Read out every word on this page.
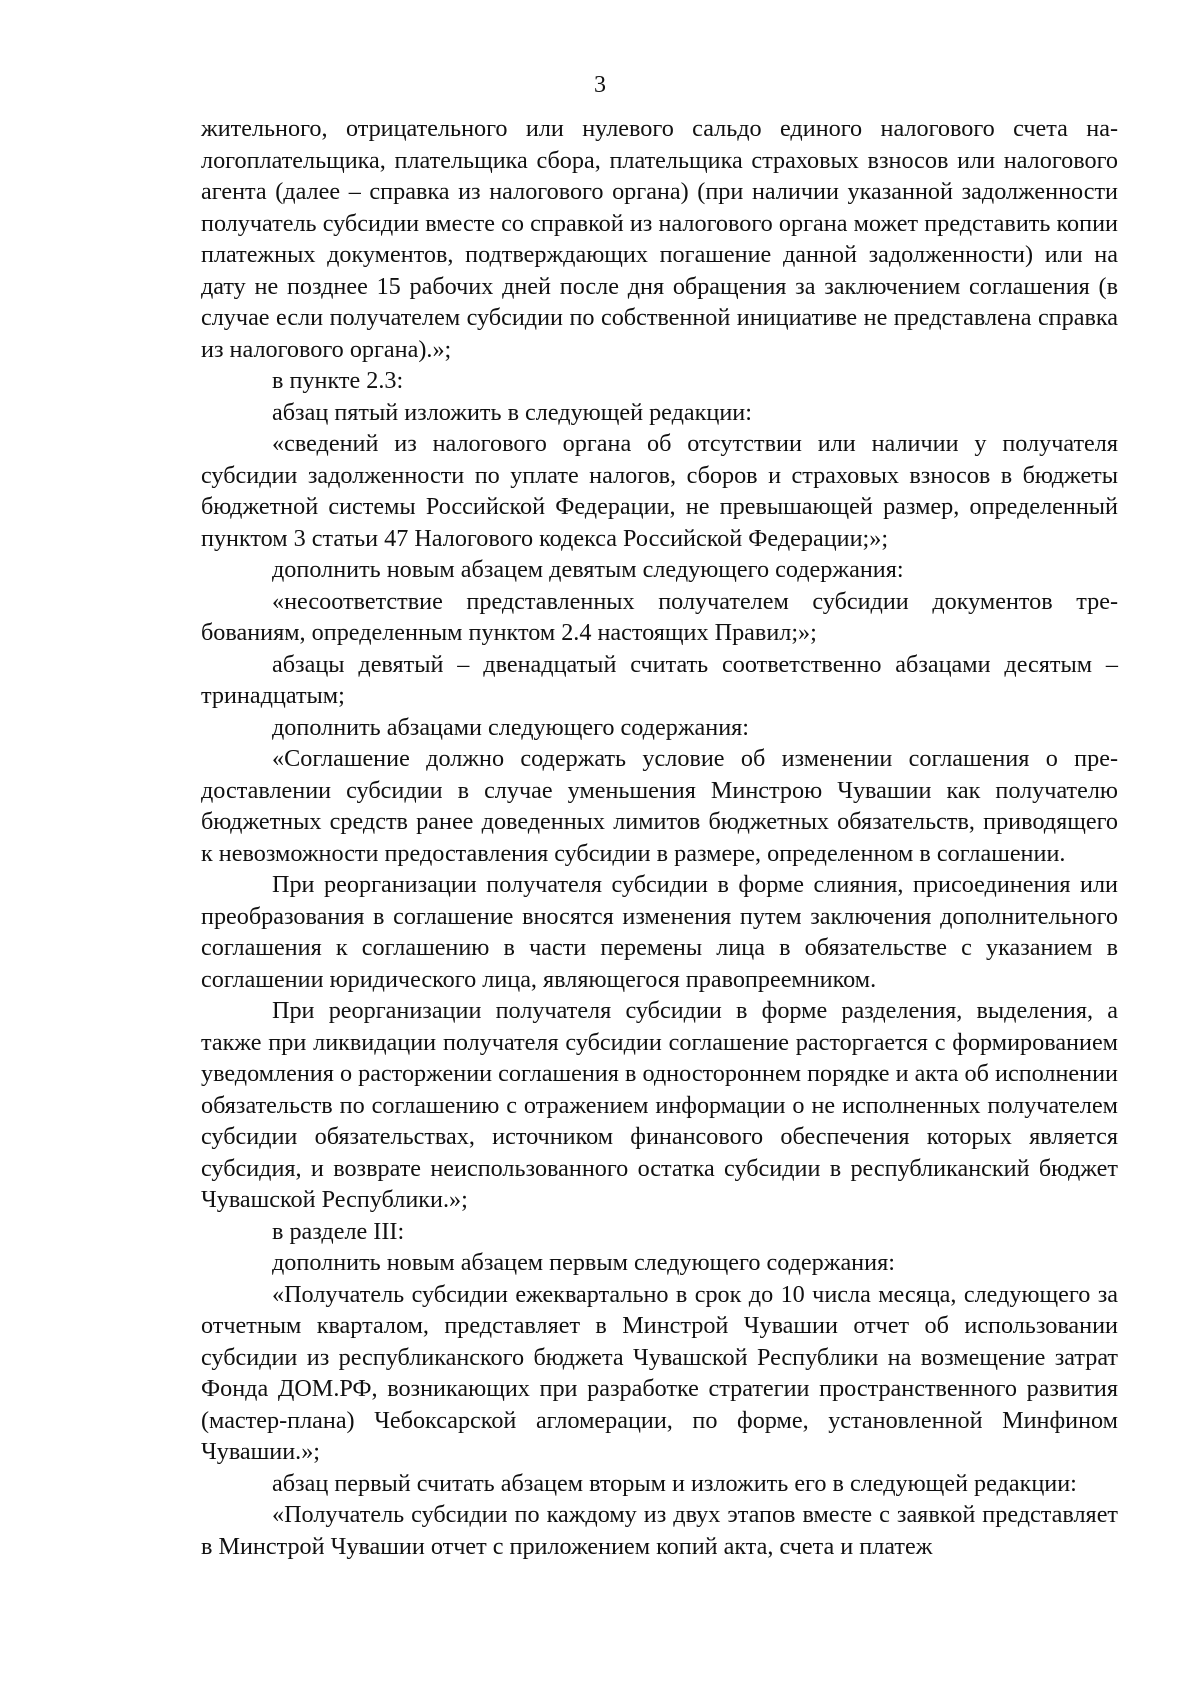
3

жительного, отрицательного или нулевого сальдо единого налогового счета налогоплательщика, плательщика сбора, плательщика страховых взносов или налогового агента (далее – справка из налогового органа) (при наличии указанной задолженности получатель субсидии вместе со справкой из налогового органа может представить копии платежных документов, подтверждающих погашение данной задолженности) или на дату не позднее 15 рабочих дней после дня обращения за заключением соглашения (в случае если получателем субсидии по собственной инициативе не представлена справка из налогового органа).»;

в пункте 2.3:

абзац пятый изложить в следующей редакции:

«сведений из налогового органа об отсутствии или наличии у получателя субсидии задолженности по уплате налогов, сборов и страховых взносов в бюджеты бюджетной системы Российской Федерации, не превышающей размер, определенный пунктом 3 статьи 47 Налогового кодекса Российской Федерации;»;

дополнить новым абзацем девятым следующего содержания:

«несоответствие представленных получателем субсидии документов требованиям, определенным пунктом 2.4 настоящих Правил;»;

абзацы девятый – двенадцатый считать соответственно абзацами десятым – тринадцатым;

дополнить абзацами следующего содержания:

«Соглашение должно содержать условие об изменении соглашения о предоставлении субсидии в случае уменьшения Минстрою Чувашии как получателю бюджетных средств ранее доведенных лимитов бюджетных обязательств, приводящего к невозможности предоставления субсидии в размере, определенном в соглашении.

При реорганизации получателя субсидии в форме слияния, присоединения или преобразования в соглашение вносятся изменения путем заключения дополнительного соглашения к соглашению в части перемены лица в обязательстве с указанием в соглашении юридического лица, являющегося правопреемником.

При реорганизации получателя субсидии в форме разделения, выделения, а также при ликвидации получателя субсидии соглашение расторгается с формированием уведомления о расторжении соглашения в одностороннем порядке и акта об исполнении обязательств по соглашению с отражением информации о не исполненных получателем субсидии обязательствах, источником финансового обеспечения которых является субсидия, и возврате неиспользованного остатка субсидии в республиканский бюджет Чувашской Республики.»;

в разделе III:

дополнить новым абзацем первым следующего содержания:

«Получатель субсидии ежеквартально в срок до 10 числа месяца, следующего за отчетным кварталом, представляет в Минстрой Чувашии отчет об использовании субсидии из республиканского бюджета Чувашской Республики на возмещение затрат Фонда ДОМ.РФ, возникающих при разработке стратегии пространственного развития (мастер-плана) Чебоксарской агломерации, по форме, установленной Минфином Чувашии.»;

абзац первый считать абзацем вторым и изложить его в следующей редакции:

«Получатель субсидии по каждому из двух этапов вместе с заявкой представляет в Минстрой Чувашии отчет с приложением копий акта, счета и платеж
